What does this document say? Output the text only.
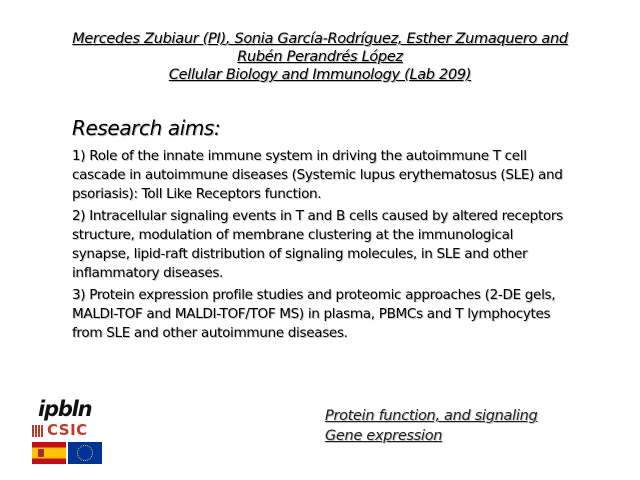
Mercedes Zubiaur (PI), Sonia García-Rodríguez, Esther Zumaquero and
Rubén Perandrés López
Cellular Biology and Immunology (Lab 209)
Research aims:

1) Role of the innate immune system in driving the autoimmune T cell cascade in autoimmune diseases (Systemic lupus erythematosus (SLE) and psoriasis): Toll Like Receptors function.

2) Intracellular signaling events in T and B cells caused by altered receptors structure, modulation of membrane clustering at the immunological synapse, lipid-raft distribution of signaling molecules, in SLE and other inflammatory diseases.

3) Protein expression profile studies and proteomic approaches (2-DE gels, MALDI-TOF and MALDI-TOF/TOF MS) in plasma, PBMCs and T lymphocytes from SLE and other autoimmune diseases.

ipbln
CSIC
Protein function, and signaling
Gene expression
